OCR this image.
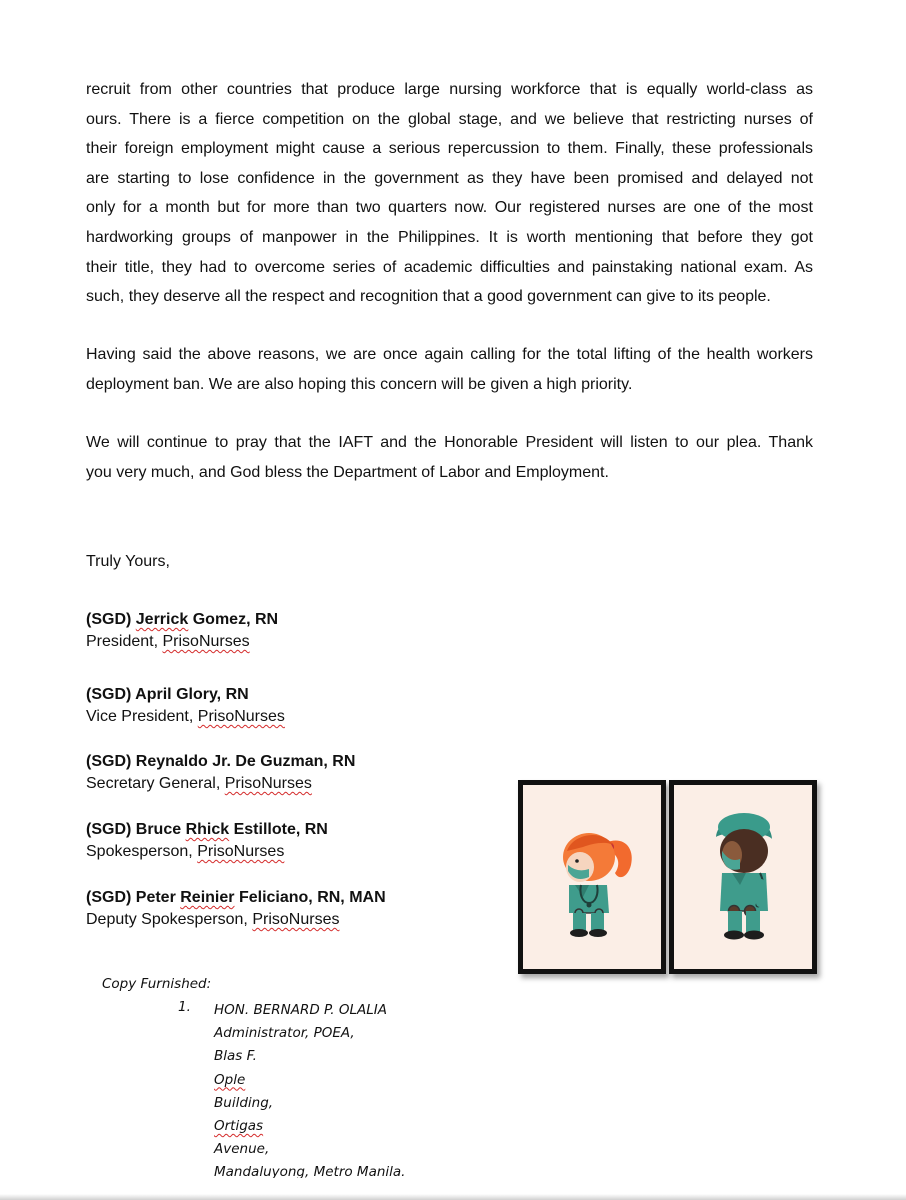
recruit from other countries that produce large nursing workforce that is equally world-class as
ours. There is a fierce competition on the global stage, and we believe that restricting nurses of
their foreign employment might cause a serious repercussion to them. Finally, these professionals
are starting to lose confidence in the government as they have been promised and delayed not
only for a month but for more than two quarters now. Our registered nurses are one of the most
hardworking groups of manpower in the Philippines. It is worth mentioning that before they got
their title, they had to overcome series of academic difficulties and painstaking national exam. As
such, they deserve all the respect and recognition that a good government can give to its people.
Having said the above reasons, we are once again calling for the total lifting of the health workers
deployment ban. We are also hoping this concern will be given a high priority.
We will continue to pray that the IAFT and the Honorable President will listen to our plea. Thank
you very much, and God bless the Department of Labor and Employment.
Truly Yours,
(SGD) Jerrick Gomez, RN
President, PrisoNurses
(SGD) April Glory, RN
Vice President, PrisoNurses
(SGD) Reynaldo Jr. De Guzman, RN
Secretary General, PrisoNurses
(SGD) Bruce Rhick Estillote, RN
Spokesperson, PrisoNurses
(SGD) Peter Reinier Feliciano, RN, MAN
Deputy Spokesperson, PrisoNurses
Copy Furnished:
1. HON. BERNARD P. OLALIA
Administrator, POEA,
Blas F.
Ople
Building,
Ortigas
Avenue,
Mandaluyong, Metro Manila.
